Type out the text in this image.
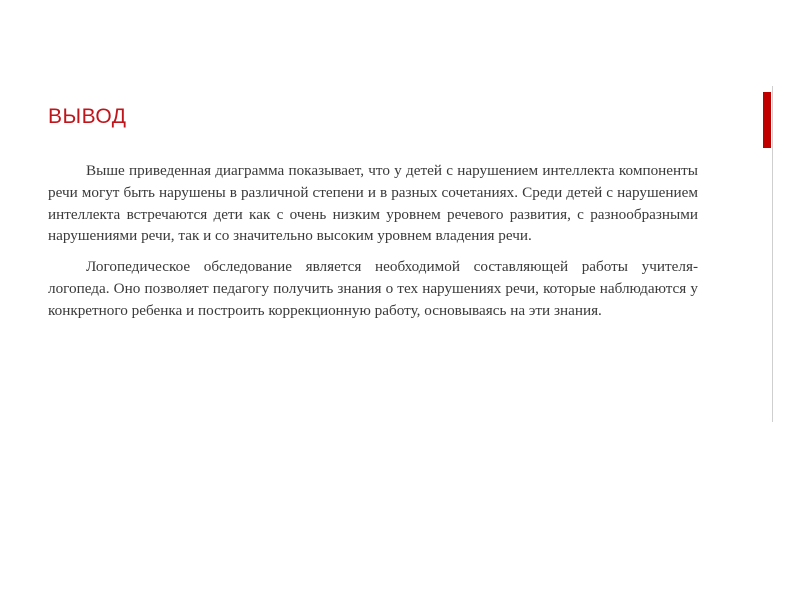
ВЫВОД

Выше приведенная диаграмма показывает, что у детей с нарушением интеллекта компоненты речи могут быть нарушены в различной степени и в разных сочетаниях. Среди детей с нарушением интеллекта встречаются дети как с очень низким уровнем речевого развития, с разнообразными нарушениями речи, так и со значительно высоким уровнем владения речи.

Логопедическое обследование является необходимой составляющей работы учителя-логопеда. Оно позволяет педагогу получить знания о тех нарушениях речи, которые наблюдаются у конкретного ребенка и построить коррекционную работу, основываясь на эти знания.
